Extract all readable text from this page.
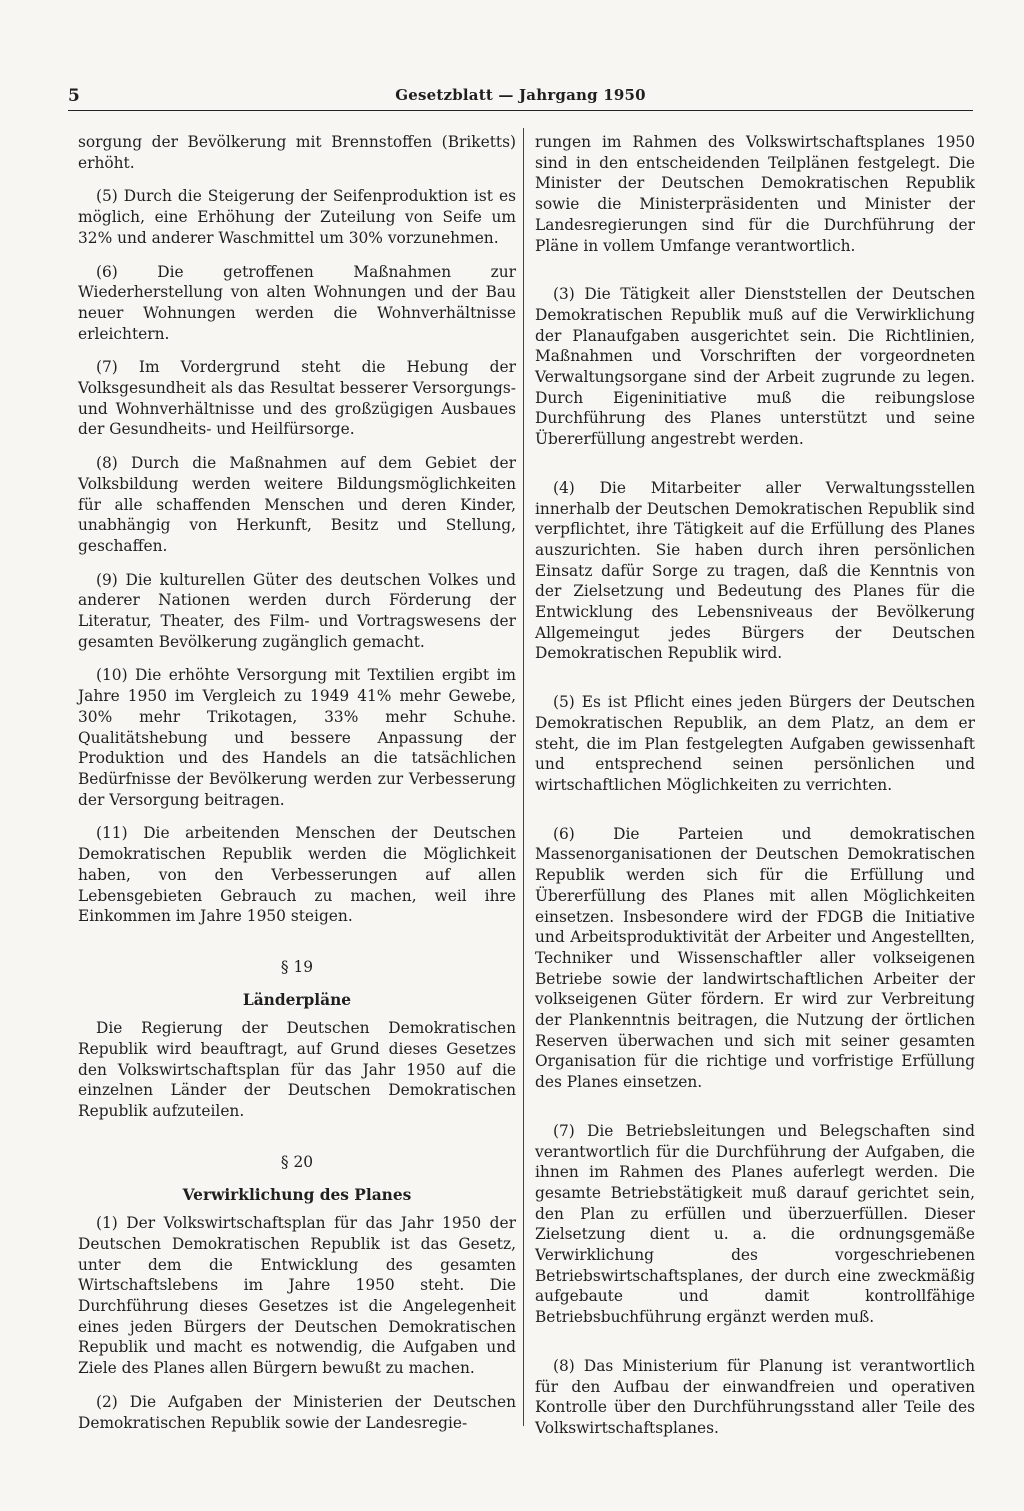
5	Gesetzblatt — Jahrgang 1950

sorgung der Bevölkerung mit Brennstoffen (Briketts) erhöht.

(5) Durch die Steigerung der Seifenproduktion ist es möglich, eine Erhöhung der Zuteilung von Seife um 32% und anderer Waschmittel um 30% vorzunehmen.

(6) Die getroffenen Maßnahmen zur Wiederherstellung von alten Wohnungen und der Bau neuer Wohnungen werden die Wohnverhältnisse erleichtern.

(7) Im Vordergrund steht die Hebung der Volksgesundheit als das Resultat besserer Versorgungs- und Wohnverhältnisse und des großzügigen Ausbaues der Gesundheits- und Heilfürsorge.

(8) Durch die Maßnahmen auf dem Gebiet der Volksbildung werden weitere Bildungsmöglichkeiten für alle schaffenden Menschen und deren Kinder, unabhängig von Herkunft, Besitz und Stellung, geschaffen.

(9) Die kulturellen Güter des deutschen Volkes und anderer Nationen werden durch Förderung der Literatur, Theater, des Film- und Vortragswesens der gesamten Bevölkerung zugänglich gemacht.

(10) Die erhöhte Versorgung mit Textilien ergibt im Jahre 1950 im Vergleich zu 1949 41% mehr Gewebe, 30% mehr Trikotagen, 33% mehr Schuhe. Qualitätshebung und bessere Anpassung der Produktion und des Handels an die tatsächlichen Bedürfnisse der Bevölkerung werden zur Verbesserung der Versorgung beitragen.

(11) Die arbeitenden Menschen der Deutschen Demokratischen Republik werden die Möglichkeit haben, von den Verbesserungen auf allen Lebensgebieten Gebrauch zu machen, weil ihre Einkommen im Jahre 1950 steigen.

§ 19
Länderpläne

Die Regierung der Deutschen Demokratischen Republik wird beauftragt, auf Grund dieses Gesetzes den Volkswirtschaftsplan für das Jahr 1950 auf die einzelnen Länder der Deutschen Demokratischen Republik aufzuteilen.

§ 20
Verwirklichung des Planes

(1) Der Volkswirtschaftsplan für das Jahr 1950 der Deutschen Demokratischen Republik ist das Gesetz, unter dem die Entwicklung des gesamten Wirtschaftslebens im Jahre 1950 steht. Die Durchführung dieses Gesetzes ist die Angelegenheit eines jeden Bürgers der Deutschen Demokratischen Republik und macht es notwendig, die Aufgaben und Ziele des Planes allen Bürgern bewußt zu machen.

(2) Die Aufgaben der Ministerien der Deutschen Demokratischen Republik sowie der Landesregie-

rungen im Rahmen des Volkswirtschaftsplanes 1950 sind in den entscheidenden Teilplänen festgelegt. Die Minister der Deutschen Demokratischen Republik sowie die Ministerpräsidenten und Minister der Landesregierungen sind für die Durchführung der Pläne in vollem Umfange verantwortlich.

(3) Die Tätigkeit aller Dienststellen der Deutschen Demokratischen Republik muß auf die Verwirklichung der Planaufgaben ausgerichtet sein. Die Richtlinien, Maßnahmen und Vorschriften der vorgeordneten Verwaltungsorgane sind der Arbeit zugrunde zu legen. Durch Eigeninitiative muß die reibungslose Durchführung des Planes unterstützt und seine Übererfüllung angestrebt werden.

(4) Die Mitarbeiter aller Verwaltungsstellen innerhalb der Deutschen Demokratischen Republik sind verpflichtet, ihre Tätigkeit auf die Erfüllung des Planes auszurichten. Sie haben durch ihren persönlichen Einsatz dafür Sorge zu tragen, daß die Kenntnis von der Zielsetzung und Bedeutung des Planes für die Entwicklung des Lebensniveaus der Bevölkerung Allgemeingut jedes Bürgers der Deutschen Demokratischen Republik wird.

(5) Es ist Pflicht eines jeden Bürgers der Deutschen Demokratischen Republik, an dem Platz, an dem er steht, die im Plan festgelegten Aufgaben gewissenhaft und entsprechend seinen persönlichen und wirtschaftlichen Möglichkeiten zu verrichten.

(6) Die Parteien und demokratischen Massenorganisationen der Deutschen Demokratischen Republik werden sich für die Erfüllung und Übererfüllung des Planes mit allen Möglichkeiten einsetzen. Insbesondere wird der FDGB die Initiative und Arbeitsproduktivität der Arbeiter und Angestellten, Techniker und Wissenschaftler aller volkseigenen Betriebe sowie der landwirtschaftlichen Arbeiter der volkseigenen Güter fördern. Er wird zur Verbreitung der Plankenntnis beitragen, die Nutzung der örtlichen Reserven überwachen und sich mit seiner gesamten Organisation für die richtige und vorfristige Erfüllung des Planes einsetzen.

(7) Die Betriebsleitungen und Belegschaften sind verantwortlich für die Durchführung der Aufgaben, die ihnen im Rahmen des Planes auferlegt werden. Die gesamte Betriebstätigkeit muß darauf gerichtet sein, den Plan zu erfüllen und überzuerfüllen. Dieser Zielsetzung dient u. a. die ordnungsgemäße Verwirklichung des vorgeschriebenen Betriebswirtschaftsplanes, der durch eine zweckmäßig aufgebaute und damit kontrollfähige Betriebsbuchführung ergänzt werden muß.

(8) Das Ministerium für Planung ist verantwortlich für den Aufbau der einwandfreien und operativen Kontrolle über den Durchführungsstand aller Teile des Volkswirtschaftsplanes.
